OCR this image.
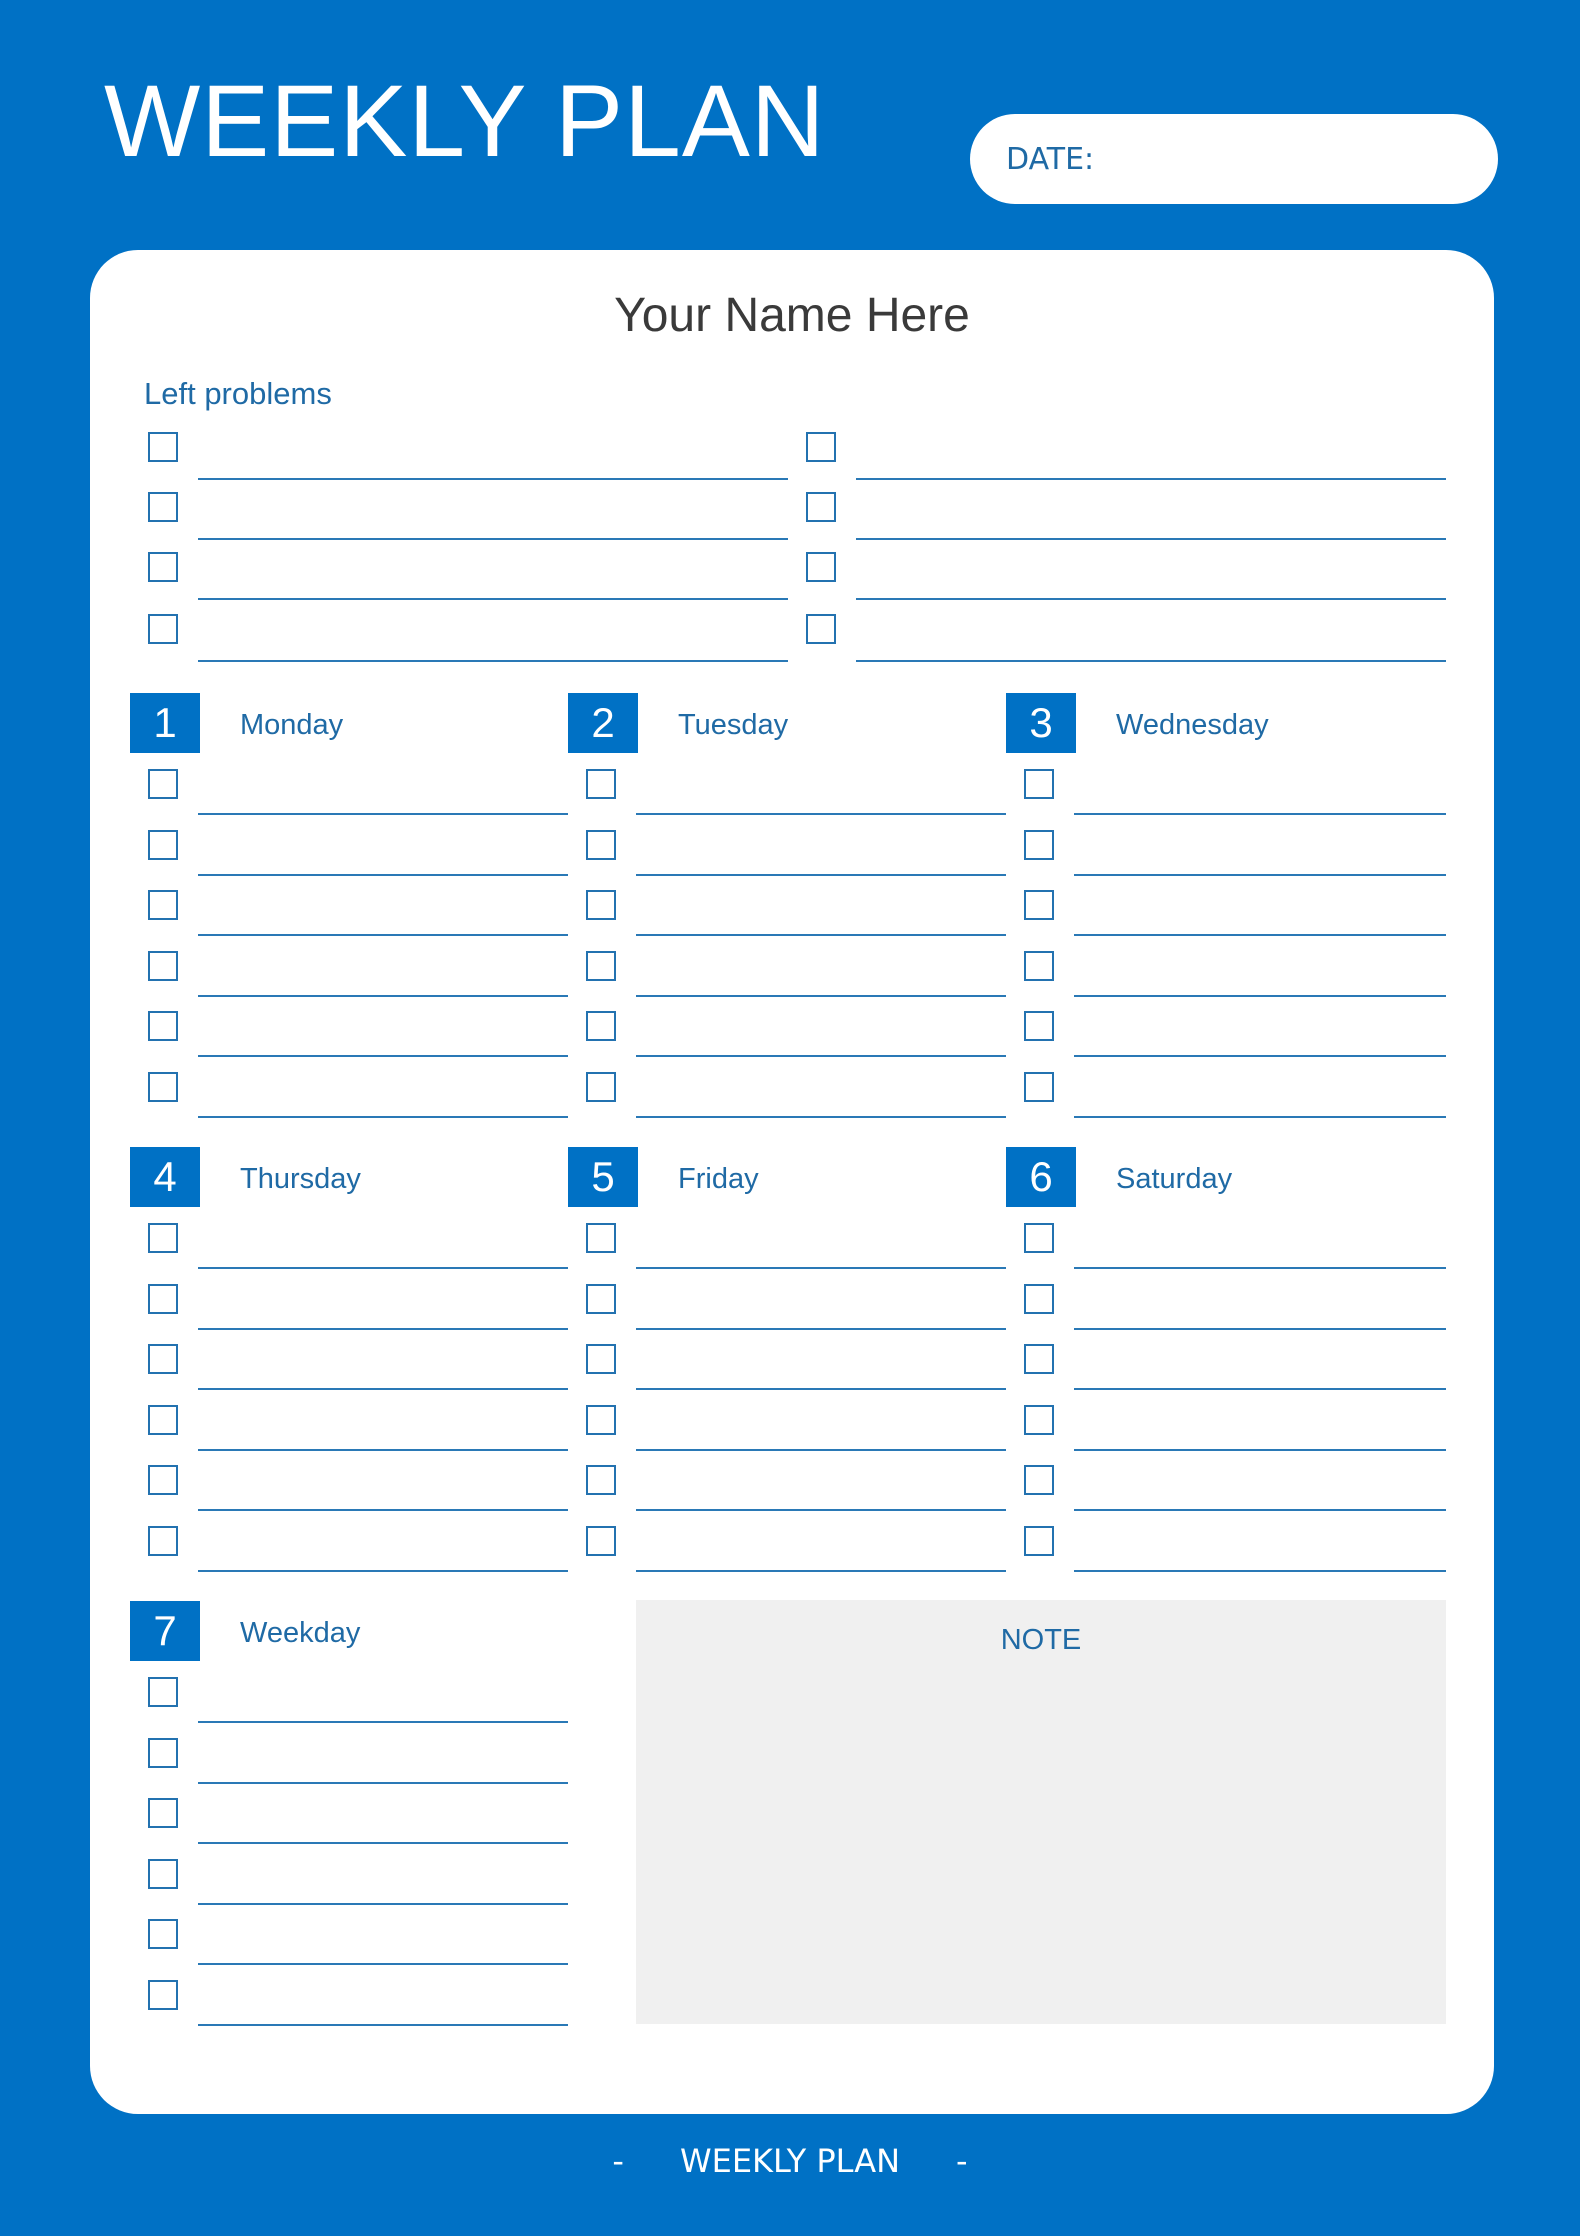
WEEKLY PLAN	DATE:
Your Name Here
Left problems
NOTE
1	Monday	2	Tuesday	3	Wednesday
4	Thursday	5	Friday	6	Saturday
7	Weekday
- WEEKLY PLAN -
